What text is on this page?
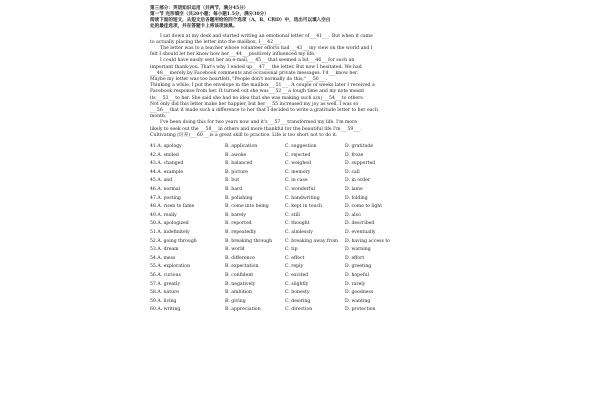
第三部分：英语知识运用（共两节，满分45分）

第一节 完形填空（共20小题；每小题1.5分，满分30分）

阅读下面的短文，从短文后各题所给的四个选项（A、B、C和D）中，选出可以填入空白

处的最佳选项，并在答题卡上将该项涂黑。

I sat down at my desk and started writing an emotional letter of___41___. But when it came

to actually placing the letter into the mailbox, I___42___.

The letter was to a teacher whose volunteer efforts had___43___my view on the world and I

felt I should let her know how her___44___positively influenced my life.

I could have easily sent her an e-mail,___45___that seemed a bit___46___for such an

important thank-you. That's why I ended up___47___the letter. But now I hesitated. We had

___48___merely by Facebook comments and occasional private messages. I'd___know her.

Maybe my letter was too heartfelt. "People don't normally do this,"___50___.

Thinking a while, I put the envelope in the mailbox___51___. A couple of weeks later I received a

Facebook response from her. It turned out she was___52___a tough time and my note meant

its___53___to her. She said she had no idea that she was making such a(n)___54___to others.

Not only did this letter make her happier, but her___55 increased my joy as well. I was so

___56___that it made such a difference to her that I decided to write a gratitude letter to her each

month.

I've been doing this for two years now and it's___57___transformed my life. I'm more

likely to seek out the___58___in others and more thankful for the beautiful life I'm___59___.

Cultivating (培养)___60___is a great skill to practice. Life is too short not to do it.

41.A. apology	B. application	C. suggestion	D. gratitude
42.A. smiled	B. awoke	C. rejected	D. froze
43.A. changed	B. balanced	C. weighed	D. supported
44.A. example	B. picture	C. memory	D. call
45.A. and	B. but	C. in case	D. in order
46.A. normal	B. hard	C. wonderful	D. lame
47.A. posting	B. polishing	C. handwriting	D. folding
48.A. risen to fame	B. come into being	C. kept in touch	D. come to light
49.A. really	B. barely	C. still	D. also
50.A. apologized	B. reported	C. thought	D. described
51.A. indefinitely	B. repeatedly	C. aimlessly	D. eventually
52.A. going through	B. breaking through	C. breaking away from	D. having access to
53.A. dream	B. world	C. tip	D. warning
54.A. mess	B. difference	C. effect	D. effort
55.A. exploration	B. expectation	C. reply	D. greeting
56.A. curious	B. confident	C. excited	D. hopeful
57.A. greatly	B. negatively	C. slightly	D. rarely
58.A. nature	B. ambition	C. honesty	D. goodness
59.A. living	B. giving	C. desiring	D. wanting
60.A. writing	B. appreciation	C. direction	D. protection
